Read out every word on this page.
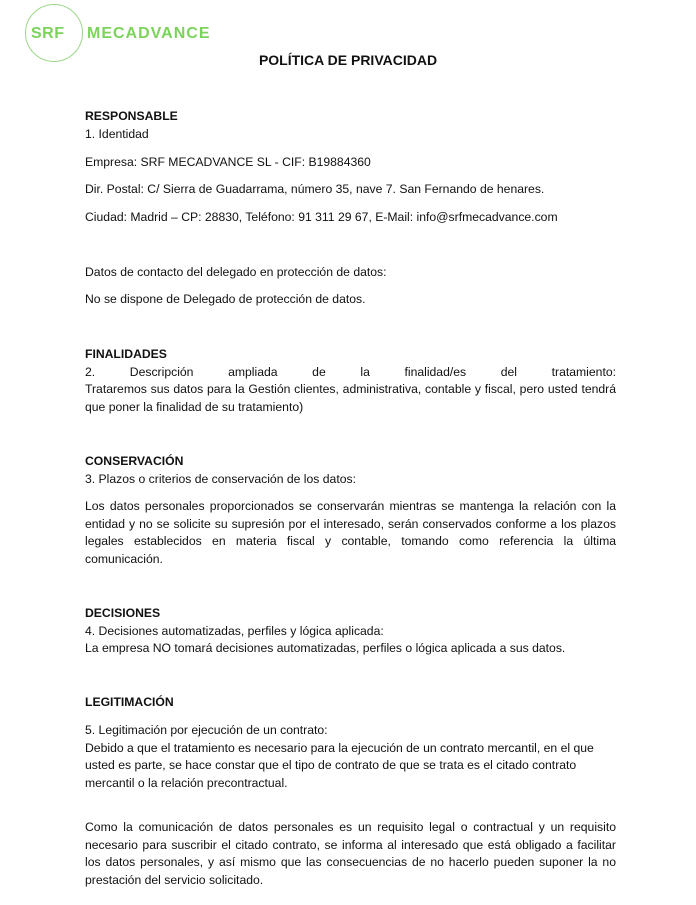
SRF MECADVANCE
POLÍTICA DE PRIVACIDAD

RESPONSABLE

1. Identidad

Empresa: SRF MECADVANCE SL - CIF: B19884360

Dir. Postal: C/ Sierra de Guadarrama, número 35, nave 7. San Fernando de henares.

Ciudad: Madrid – CP: 28830, Teléfono: 91 311 29 67, E-Mail: info@srfmecadvance.com

Datos de contacto del delegado en protección de datos:

No se dispone de Delegado de protección de datos.

FINALIDADES

2. Descripción ampliada de la finalidad/es del tratamiento:

Trataremos sus datos para la Gestión clientes, administrativa, contable y fiscal, pero usted tendrá que poner la finalidad de su tratamiento)

CONSERVACIÓN

3. Plazos o criterios de conservación de los datos:

Los datos personales proporcionados se conservarán mientras se mantenga la relación con la entidad y no se solicite su supresión por el interesado, serán conservados conforme a los plazos legales establecidos en materia fiscal y contable, tomando como referencia la última comunicación.

DECISIONES

4. Decisiones automatizadas, perfiles y lógica aplicada:

La empresa NO tomará decisiones automatizadas, perfiles o lógica aplicada a sus datos.

LEGITIMACIÓN

5. Legitimación por ejecución de un contrato:

Debido a que el tratamiento es necesario para la ejecución de un contrato mercantil, en el que

usted es parte, se hace constar que el tipo de contrato de que se trata es el citado contrato

mercantil o la relación precontractual.

Como la comunicación de datos personales es un requisito legal o contractual y un requisito necesario para suscribir el citado contrato, se informa al interesado que está obligado a facilitar los datos personales, y así mismo que las consecuencias de no hacerlo pueden suponer la no prestación del servicio solicitado.
